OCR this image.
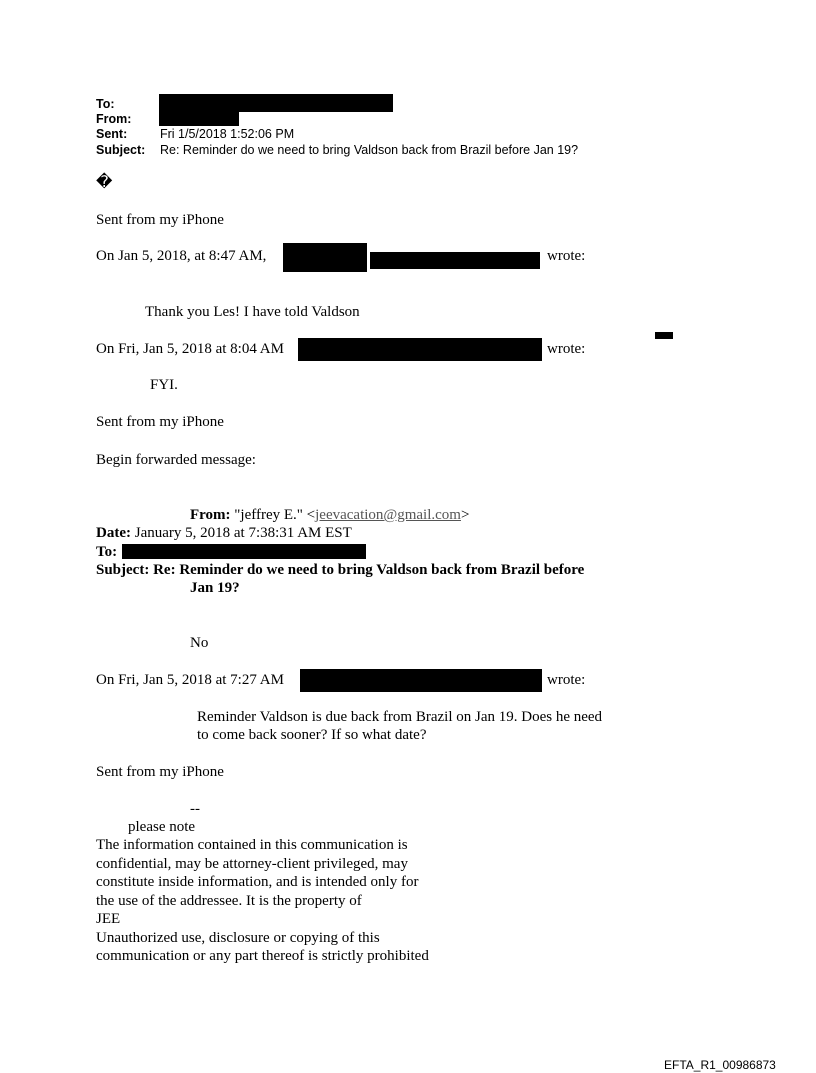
To:
From:
Sent:	Fri 1/5/2018 1:52:06 PM
Subject: Re: Reminder do we need to bring Valdson back from Brazil before Jan 19?
�
Sent from my iPhone
On Jan 5, 2018, at 8:47 AM,	wrote:
Thank you Les! I have told Valdson
On Fri, Jan 5, 2018 at 8:04 AM	wrote:
FYI.
Sent from my iPhone
Begin forwarded message:
From: "jeffrey E." <jeevacation@gmail.com>
Date: January 5, 2018 at 7:38:31 AM EST
To:
Subject: Re: Reminder do we need to bring Valdson back from Brazil before
Jan 19?
No
On Fri, Jan 5, 2018 at 7:27 AM	wrote:
Reminder Valdson is due back from Brazil on Jan 19. Does he need
to come back sooner? If so what date?
Sent from my iPhone
--
please note
The information contained in this communication is
confidential, may be attorney-client privileged, may
constitute inside information, and is intended only for
the use of the addressee. It is the property of
JEE
Unauthorized use, disclosure or copying of this
communication or any part thereof is strictly prohibited
EFTA_R1_00986873
